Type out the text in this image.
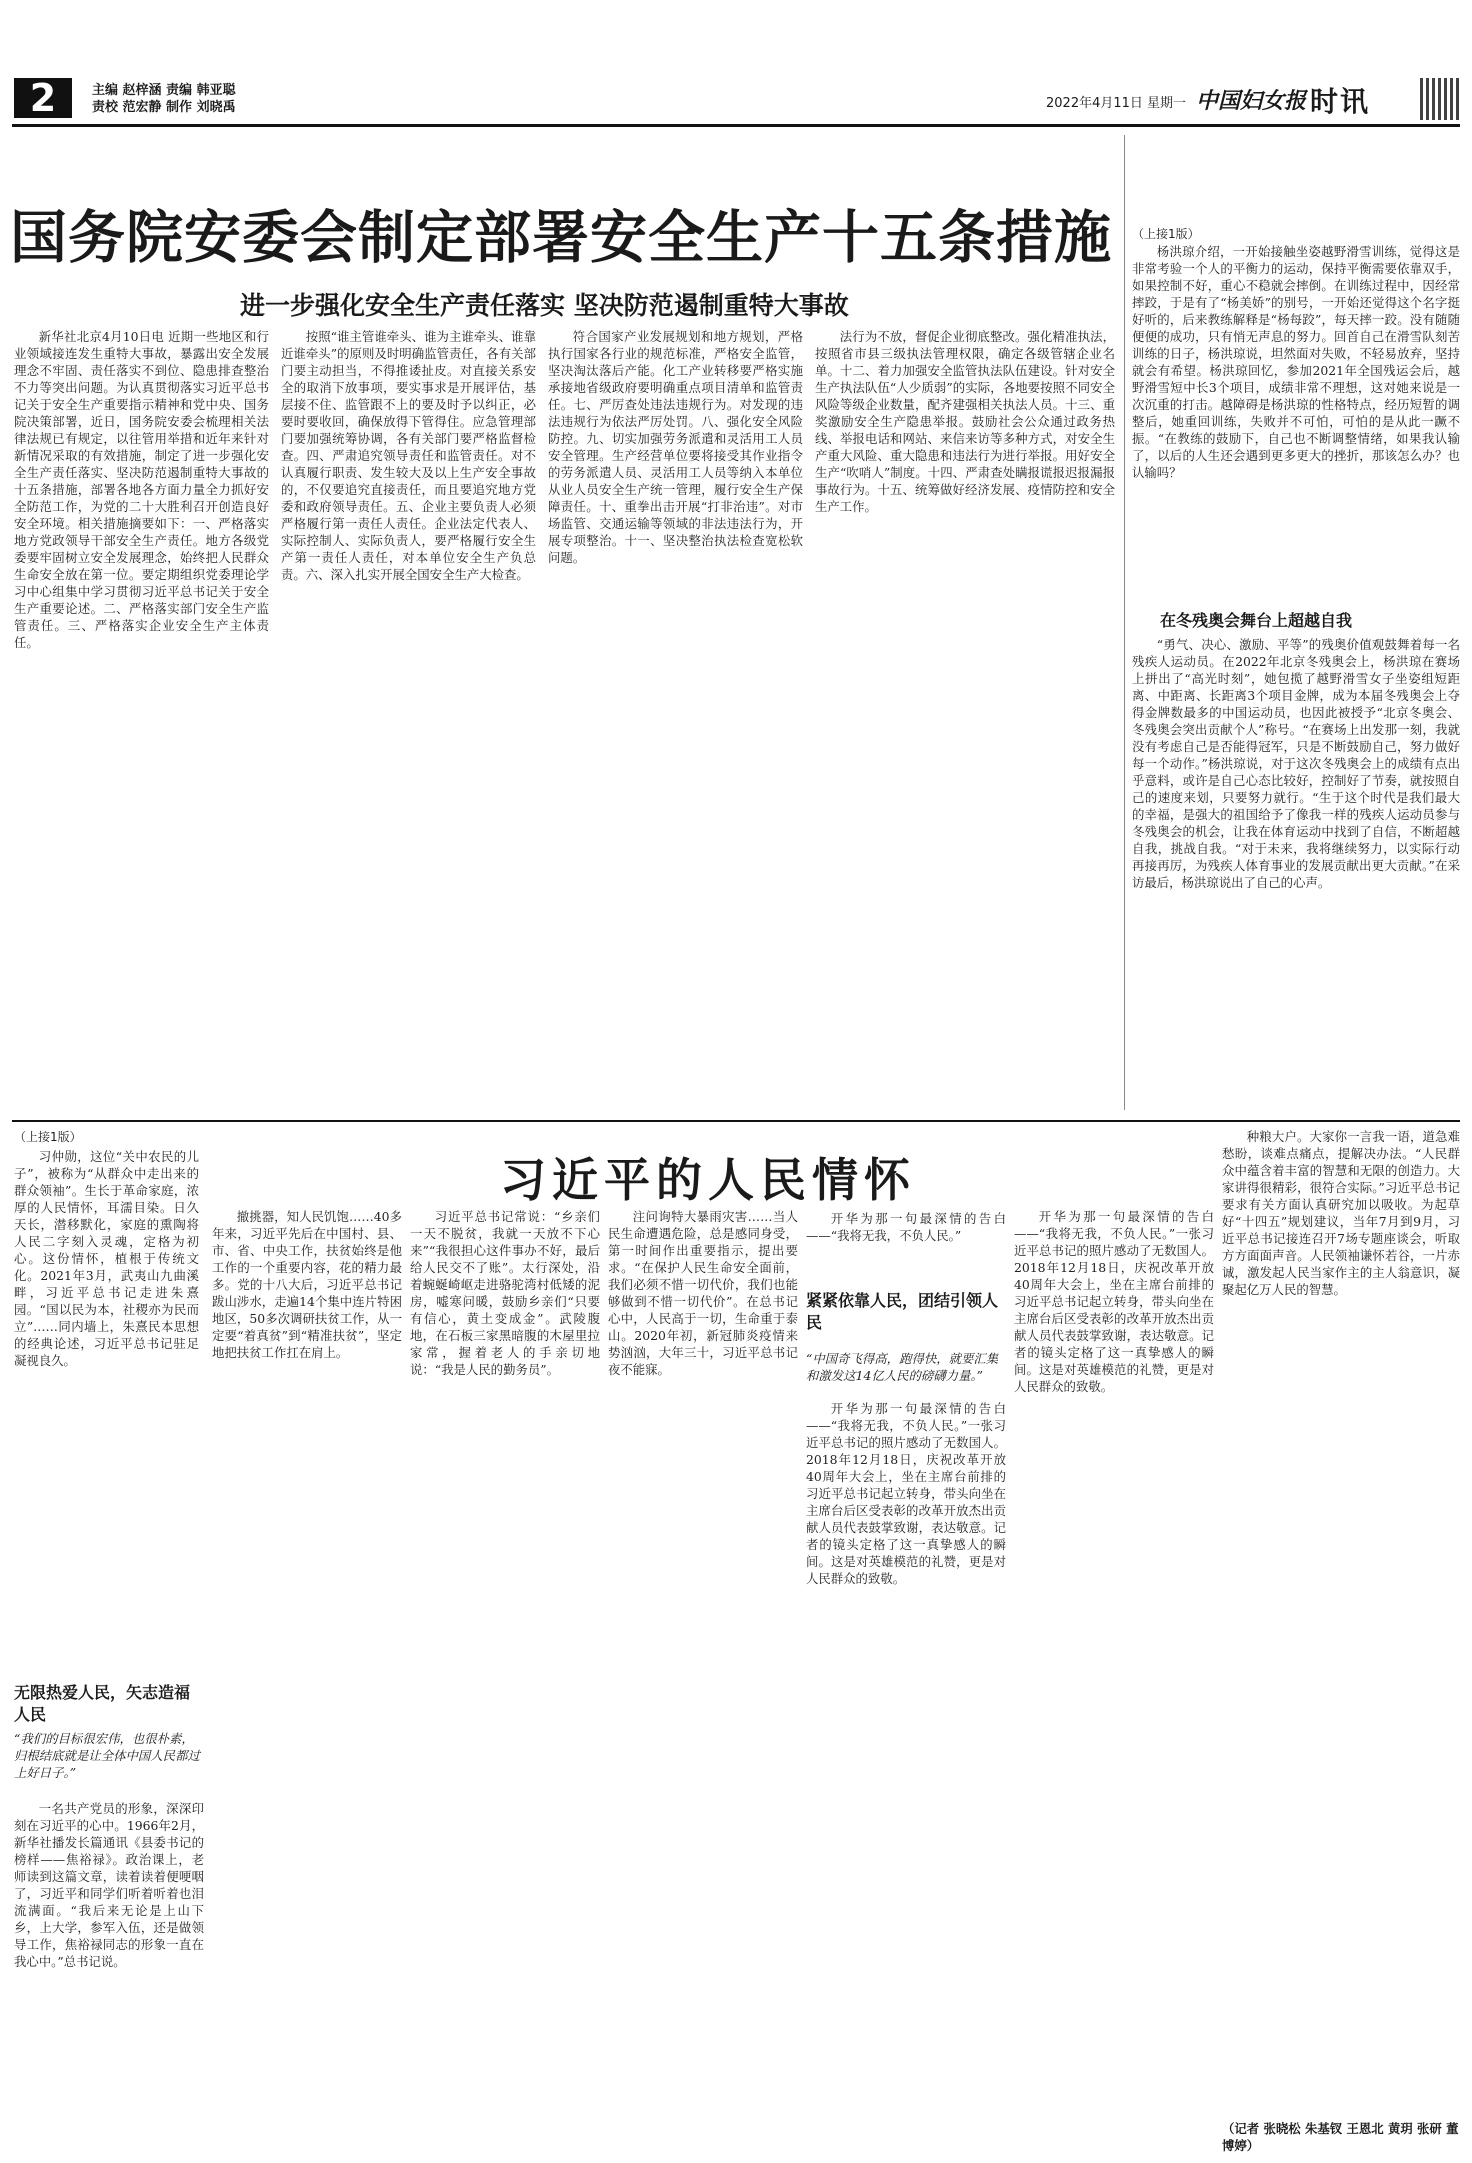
2	主编 赵梓涵 责编 韩亚聪
责校 范宏静 制作 刘晓禹	2022年4月11日 星期一 中国妇女报 时讯
国务院安委会制定部署安全生产十五条措施
进一步强化安全生产责任落实 坚决防范遏制重特大事故

新华社北京4月10日电 近期一些地区和行业领域接连发生重特大事故，暴露出安全发展理念不牢固、责任落实不到位、隐患排查整治不力等突出问题。为认真贯彻落实习近平总书记关于安全生产重要指示精神和党中央、国务院决策部署，近日，国务院安委会梳理相关法律法规已有规定，以往管用举措和近年来针对新情况采取的有效措施，制定了进一步强化安全生产责任落实、坚决防范遏制重特大事故的十五条措施，部署各地各方面力量全力抓好安全防范工作，为党的二十大胜利召开创造良好安全环境。相关措施摘要如下：一、严格落实地方党政领导干部安全生产责任。地方各级党委要牢固树立安全发展理念，始终把人民群众生命安全放在第一位。要定期组织党委理论学习中心组集中学习贯彻习近平总书记关于安全生产重要论述。二、严格落实部门安全生产监管责任。三、严格落实企业安全生产主体责任。

按照“谁主管谁牵头、谁为主谁牵头、谁靠近谁牵头”的原则及时明确监管责任，各有关部门要主动担当，不得推诿扯皮。对直接关系安全的取消下放事项，要实事求是开展评估，基层接不住、监管跟不上的要及时予以纠正，必要时要收回，确保放得下管得住。应急管理部门要加强统筹协调，各有关部门要严格监督检查。四、严肃追究领导责任和监管责任。对不认真履行职责、发生较大及以上生产安全事故的，不仅要追究直接责任，而且要追究地方党委和政府领导责任。五、企业主要负责人必须严格履行第一责任人责任。企业法定代表人、实际控制人、实际负责人，要严格履行安全生产第一责任人责任，对本单位安全生产负总责。六、深入扎实开展全国安全生产大检查。

符合国家产业发展规划和地方规划，严格执行国家各行业的规范标准，严格安全监管，坚决淘汰落后产能。化工产业转移要严格实施承接地省级政府要明确重点项目清单和监管责任。七、严厉查处违法违规行为。对发现的违法违规行为依法严厉处罚。八、强化安全风险防控。九、切实加强劳务派遣和灵活用工人员安全管理。生产经营单位要将接受其作业指令的劳务派遣人员、灵活用工人员等纳入本单位从业人员安全生产统一管理，履行安全生产保障责任。十、重拳出击开展“打非治违”。对市场监管、交通运输等领域的非法违法行为，开展专项整治。十一、坚决整治执法检查宽松软问题。

法行为不放，督促企业彻底整改。强化精准执法，按照省市县三级执法管理权限，确定各级管辖企业名单。十二、着力加强安全监管执法队伍建设。针对安全生产执法队伍“人少质弱”的实际，各地要按照不同安全风险等级企业数量，配齐建强相关执法人员。十三、重奖激励安全生产隐患举报。鼓励社会公众通过政务热线、举报电话和网站、来信来访等多种方式，对安全生产重大风险、重大隐患和违法行为进行举报。用好安全生产“吹哨人”制度。十四、严肃查处瞒报谎报迟报漏报事故行为。十五、统筹做好经济发展、疫情防控和安全生产工作。

（上接1版）

杨洪琼介绍，一开始接触坐姿越野滑雪训练，觉得这是非常考验一个人的平衡力的运动，保持平衡需要依靠双手，如果控制不好，重心不稳就会摔倒。在训练过程中，因经常摔跤，于是有了“杨美娇”的别号，一开始还觉得这个名字挺好听的，后来教练解释是“杨每跤”，每天摔一跤。没有随随便便的成功，只有悄无声息的努力。回首自己在滑雪队刻苦训练的日子，杨洪琼说，坦然面对失败，不轻易放弃，坚持就会有希望。杨洪琼回忆，参加2021年全国残运会后，越野滑雪短中长3个项目，成绩非常不理想，这对她来说是一次沉重的打击。越障碍是杨洪琼的性格特点，经历短暂的调整后，她重回训练，失败并不可怕，可怕的是从此一蹶不振。“在教练的鼓励下，自己也不断调整情绪，如果我认输了，以后的人生还会遇到更多更大的挫折，那该怎么办？也认输吗？

在冬残奥会舞台上超越自我

“勇气、决心、激励、平等”的残奥价值观鼓舞着每一名残疾人运动员。在2022年北京冬残奥会上，杨洪琼在赛场上拼出了“高光时刻”，她包揽了越野滑雪女子坐姿组短距离、中距离、长距离3个项目金牌，成为本届冬残奥会上夺得金牌数最多的中国运动员，也因此被授予“北京冬奥会、冬残奥会突出贡献个人”称号。“在赛场上出发那一刻，我就没有考虑自己是否能得冠军，只是不断鼓励自己，努力做好每一个动作。”杨洪琼说，对于这次冬残奥会上的成绩有点出乎意料，或许是自己心态比较好，控制好了节奏，就按照自己的速度来划，只要努力就行。“生于这个时代是我们最大的幸福，是强大的祖国给予了像我一样的残疾人运动员参与冬残奥会的机会，让我在体育运动中找到了自信，不断超越自我，挑战自我。“对于未来，我将继续努力，以实际行动再接再厉，为残疾人体育事业的发展贡献出更大贡献。”在采访最后，杨洪琼说出了自己的心声。

（上接1版）
习近平的人民情怀

习仲勋，这位“关中农民的儿子”，被称为“从群众中走出来的群众领袖”。生长于革命家庭，浓厚的人民情怀，耳濡目染。日久天长，潜移默化，家庭的熏陶将人民二字刻入灵魂，定格为初心。这份情怀，植根于传统文化。2021年3月，武夷山九曲溪畔，习近平总书记走进朱熹园。“国以民为本，社稷亦为民而立”……同内墙上，朱熹民本思想的经典论述，习近平总书记驻足凝视良久。

无限热爱人民，矢志造福人民
“我们的目标很宏伟，也很朴素，归根结底就是让全体中国人民都过上好日子。”

一名共产党员的形象，深深印刻在习近平的心中。1966年2月，新华社播发长篇通讯《县委书记的榜样——焦裕禄》。政治课上，老师读到这篇文章，读着读着便哽咽了，习近平和同学们听着听着也泪流满面。“我后来无论是上山下乡，上大学，参军入伍，还是做领导工作，焦裕禄同志的形象一直在我心中。”总书记说。

撤挑器，知人民饥饱……40多年来，习近平先后在中国村、县、市、省、中央工作，扶贫始终是他工作的一个重要内容，花的精力最多。党的十八大后，习近平总书记跋山涉水，走遍14个集中连片特困地区，50多次调研扶贫工作，从一定要“着真贫”到“精准扶贫”，坚定地把扶贫工作扛在肩上。

习近平总书记常说：“乡亲们一天不脱贫，我就一天放不下心来”“我很担心这件事办不好，最后给人民交不了账”。太行深处，沿着蜿蜒崎岖走进骆驼湾村低矮的泥房，嘘寒问暖，鼓励乡亲们“只要有信心，黄土变成金”。武陵腹地，在石板三家黑暗腹的木屋里拉家常，握着老人的手亲切地说：“我是人民的勤务员”。

注问询特大暴雨灾害……当人民生命遭遇危险，总是感同身受，第一时间作出重要指示，提出要求。“在保护人民生命安全面前，我们必须不惜一切代价，我们也能够做到不惜一切代价”。在总书记心中，人民高于一切，生命重于泰山。2020年初，新冠肺炎疫情来势汹汹，大年三十，习近平总书记夜不能寐。

紧紧依靠人民，团结引领人民
“中国奇飞得高，跑得快，就要汇集和激发这14亿人民的磅礴力量。”

开华为那一句最深情的告白——“我将无我，不负人民。”

开华为那一句最深情的告白——“我将无我，不负人民。”一张习近平总书记的照片感动了无数国人。2018年12月18日，庆祝改革开放40周年大会上，坐在主席台前排的习近平总书记起立转身，带头向坐在主席台后区受表彰的改革开放杰出贡献人员代表鼓掌致谢，表达敬意。记者的镜头定格了这一真挚感人的瞬间。这是对英雄模范的礼赞，更是对人民群众的致敬。

开华为那一句最深情的告白——“我将无我，不负人民。”一张习近平总书记的照片感动了无数国人。2018年12月18日，庆祝改革开放40周年大会上，坐在主席台前排的习近平总书记起立转身，带头向坐在主席台后区受表彰的改革开放杰出贡献人员代表鼓掌致谢，表达敬意。记者的镜头定格了这一真挚感人的瞬间。这是对英雄模范的礼赞，更是对人民群众的致敬。

种粮大户。大家你一言我一语，道急难愁盼，谈难点痛点，提解决办法。“人民群众中蕴含着丰富的智慧和无限的创造力。大家讲得很精彩，很符合实际。”习近平总书记要求有关方面认真研究加以吸收。为起草好“十四五”规划建议，当年7月到9月，习近平总书记接连召开7场专题座谈会，听取方方面面声音。人民领袖谦怀若谷，一片赤诚，激发起人民当家作主的主人翁意识，凝聚起亿万人民的智慧。

（记者 张晓松 朱基钗 王恩北 黄玥 张研 董博婷）
